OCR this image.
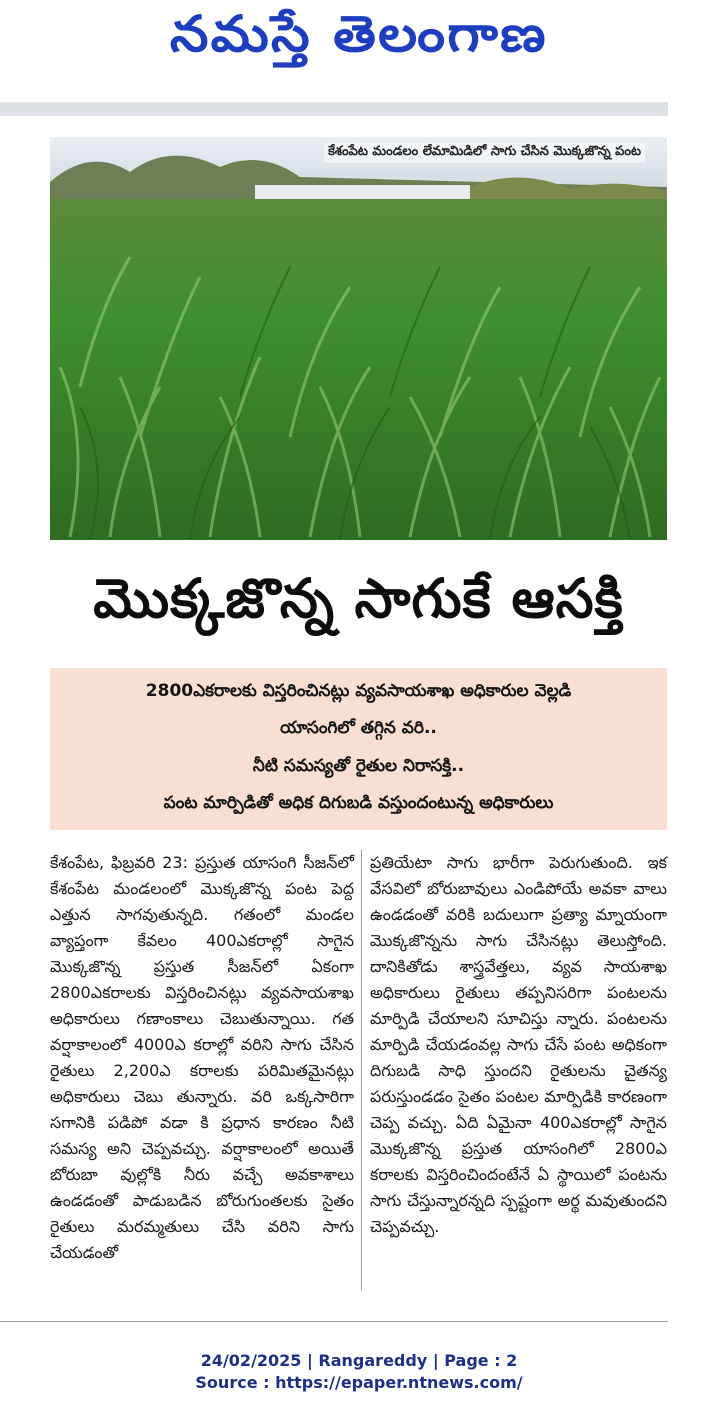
నమస్తే తెలంగాణ
కేశంపేట మండలం లేమామిడిలో సాగు చేసిన మొక్కజొన్న పంట
మొక్కజొన్న సాగుకే ఆసక్తి
2800ఎకరాలకు విస్తరించినట్లు వ్యవసాయశాఖ అధికారుల వెల్లడి
యాసంగిలో తగ్గిన వరి..
నీటి సమస్యతో రైతుల నిరాసక్తి..
పంట మార్పిడితో అధిక దిగుబడి వస్తుందంటున్న అధికారులు

కేశంపేట, ఫిబ్రవరి 23: ప్రస్తుత యాసంగి సీజన్‌లో కేశంపేట మండలంలో మొక్కజొన్న పంట పెద్ద ఎత్తున సాగవుతున్నది. గతంలో మండల వ్యాప్తంగా కేవలం 400ఎకరాల్లో సాగైన మొక్కజొన్న ప్రస్తుత సీజన్‌లో ఏకంగా 2800ఎకరాలకు విస్తరించినట్లు వ్యవసాయశాఖ అధికారులు గణాంకాలు చెబుతున్నాయి. గత వర్షాకాలంలో 4000ఎ కరాల్లో వరిని సాగు చేసిన రైతులు 2,200ఎ కరాలకు పరిమితమైనట్లు అధికారులు చెబు తున్నారు. వరి ఒక్కసారిగా సగానికి పడిపో వడా కి ప్రధాన కారణం నీటి సమస్య అని చెప్పవచ్చు. వర్షాకాలంలో అయితే బోరుబా వుల్లోకి నీరు వచ్చే అవకాశాలు ఉండడంతో పాడుబడిన బోరుగుంతలకు సైతం రైతులు మరమ్మతులు చేసి వరిని సాగు చేయడంతో

ప్రతియేటా సాగు భారీగా పెరుగుతుంది. ఇక వేసవిలో బోరుబావులు ఎండిపోయే అవకా వాలు ఉండడంతో వరికి బదులుగా ప్రత్యా మ్నాయంగా మొక్కజొన్నను సాగు చేసినట్లు తెలుస్తోంది. దానికితోడు శాస్త్రవేత్తలు, వ్యవ సాయశాఖ అధికారులు రైతులు తప్పనిసరిగా పంటలను మార్పిడి చేయాలని సూచిస్తు న్నారు. పంటలను మార్పిడి చేయడంవల్ల సాగు చేసే పంట అధికంగా దిగుబడి సాధి స్తుందని రైతులను చైతన్య పరుస్తుండడం సైతం పంటల మార్పిడికి కారణంగా చెప్ప వచ్చు. ఏది ఏమైనా 400ఎకరాల్లో సాగైన మొక్కజొన్న ప్రస్తుత యాసంగిలో 2800ఎ కరాలకు విస్తరించిందంటేనే ఏ స్థాయిలో పంటను సాగు చేస్తున్నారన్నది స్పష్టంగా అర్థ మవుతుందని చెప్పవచ్చు.

24/02/2025 | Rangareddy | Page : 2
Source : https://epaper.ntnews.com/
